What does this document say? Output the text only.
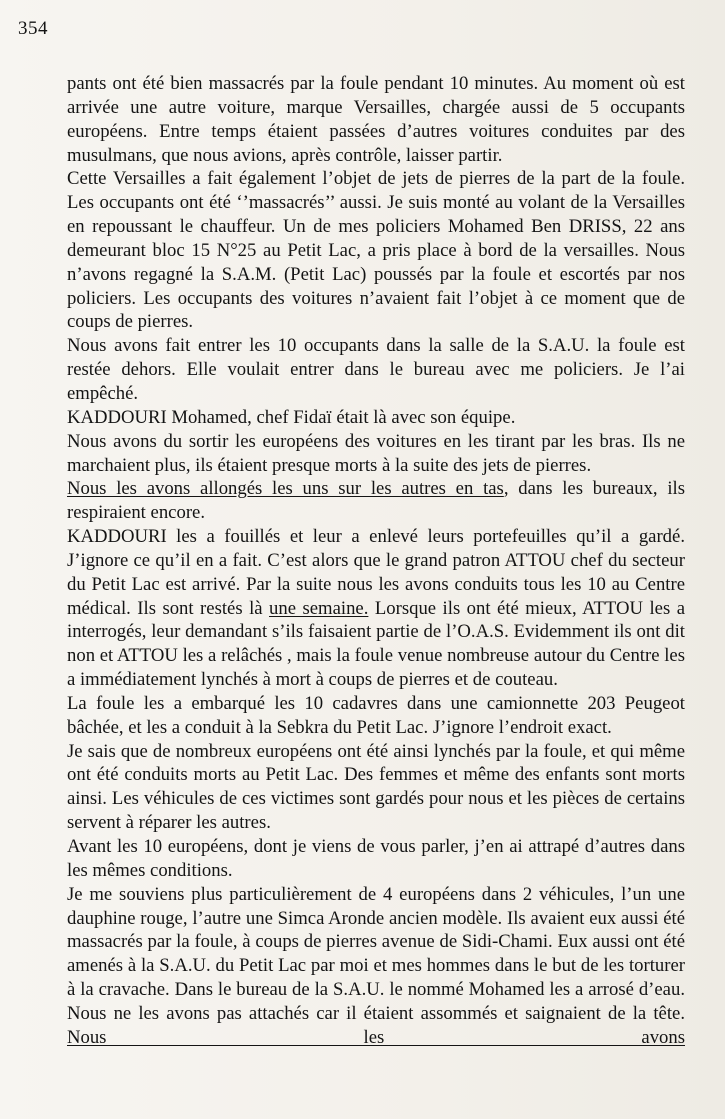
354

pants ont été bien massacrés par la foule pendant 10 minutes. Au moment où est arrivée une autre voiture, marque Versailles, chargée aussi de 5 occupants européens. Entre temps étaient passées d’autres voitures conduites par des musulmans, que nous avions, après contrôle, laisser partir.

Cette Versailles a fait également l’objet de jets de pierres de la part de la foule. Les occupants ont été ‘’massacrés’’ aussi. Je suis monté au volant de la Versailles en repoussant le chauffeur. Un de mes policiers Mohamed Ben DRISS, 22 ans demeurant bloc 15 N°25 au Petit Lac, a pris place à bord de la versailles. Nous n’avons regagné la S.A.M. (Petit Lac) poussés par la foule et escortés par nos policiers. Les occupants des voitures n’avaient fait l’objet à ce moment que de coups de pierres.

Nous avons fait entrer les 10 occupants dans la salle de la S.A.U. la foule est restée dehors. Elle voulait entrer dans le bureau avec me policiers. Je l’ai empêché.

KADDOURI Mohamed, chef Fidaï était là avec son équipe.

Nous avons du sortir les européens des voitures en les tirant par les bras. Ils ne marchaient plus, ils étaient presque morts à la suite des jets de pierres.

Nous les avons allongés les uns sur les autres en tas, dans les bureaux, ils respiraient encore.

KADDOURI les a fouillés et leur a enlevé leurs portefeuilles qu’il a gardé. J’ignore ce qu’il en a fait. C’est alors que le grand patron ATTOU chef du secteur du Petit Lac est arrivé. Par la suite nous les avons conduits tous les 10 au Centre médical. Ils sont restés là une semaine. Lorsque ils ont été mieux, ATTOU les a interrogés, leur demandant s’ils faisaient partie de l’O.A.S. Evidemment ils ont dit non et ATTOU les a relâchés , mais la foule venue nombreuse autour du Centre les a immédiatement lynchés à mort à coups de pierres et de couteau.

La foule les a embarqué les 10 cadavres dans une camionnette 203 Peugeot bâchée, et les a conduit à la Sebkra du Petit Lac. J’ignore l’endroit exact.

Je sais que de nombreux européens ont été ainsi lynchés par la foule, et qui même ont été conduits morts au Petit Lac. Des femmes et même des enfants sont morts ainsi. Les véhicules de ces victimes sont gardés pour nous et les pièces de certains servent à réparer les autres.

Avant les 10 européens, dont je viens de vous parler, j’en ai attrapé d’autres dans les mêmes conditions.

Je me souviens plus particulièrement de 4 européens dans 2 véhicules, l’un une dauphine rouge, l’autre une Simca Aronde ancien modèle. Ils avaient eux aussi été massacrés par la foule, à coups de pierres avenue de Sidi-Chami. Eux aussi ont été amenés à la S.A.U. du Petit Lac par moi et mes hommes dans le but de les torturer à la cravache. Dans le bureau de la S.A.U. le nommé Mohamed les a arrosé d’eau. Nous ne les avons pas attachés car il étaient assommés et saignaient de la tête. Nous les avons
